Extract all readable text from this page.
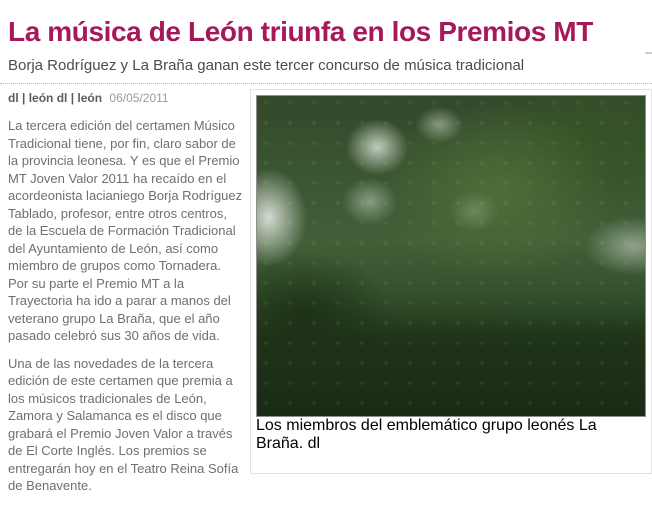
La música de León triunfa en los Premios MT
Borja Rodríguez y La Braña ganan este tercer concurso de música tradicional
Los miembros del emblemático grupo leonés La Braña. dl
dl | león dl | león 06/05/2011

La tercera edición del certamen Músico Tradicional tiene, por fin, claro sabor de la provincia leonesa. Y es que el Premio MT Joven Valor 2011 ha recaído en el acordeonista lacianiego Borja Rodríguez Tablado, profesor, entre otros centros, de la Escuela de Formación Tradicional del Ayuntamiento de León, así como miembro de grupos como Tornadera. Por su parte el Premio MT a la Trayectoria ha ido a parar a manos del veterano grupo La Braña, que el año pasado celebró sus 30 años de vida.

Una de las novedades de la tercera edición de este certamen que premia a los músicos tradicionales de León, Zamora y Salamanca es el disco que grabará el Premio Joven Valor a través de El Corte Inglés. Los premios se entregarán hoy en el Teatro Reina Sofía de Benavente.
